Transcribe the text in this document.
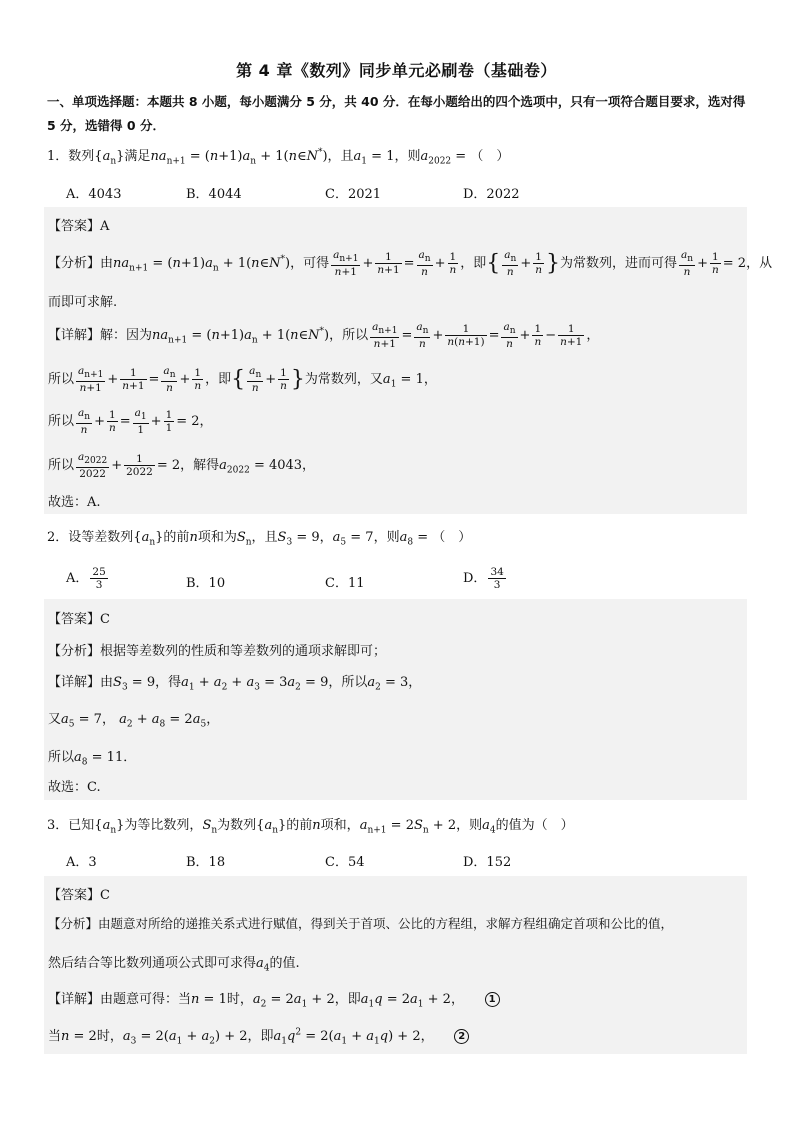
第 4 章《数列》同步单元必刷卷（基础卷）
一、单项选择题：本题共 8 小题，每小题满分 5 分，共 40 分．在每小题给出的四个选项中，只有一项符合题目要求，选对得 5 分，选错得 0 分．
1．数列$\{a_n\}$满足$na_{n+1} = (n+1)a_n$ + 1(n∈N*)，且$a_1 = 1$，则$a_{2022}$ = （　）
A．4043	B．4044	C．2021	D．2022
【答案】A
【分析】由$na_{n+1} = (n+1)a_n$ + 1(n∈N*)，可得 $\frac{a_{n+1}}{n+1} + \frac{1}{n+1} = \frac{a_n}{n} + \frac{1}{n}$ ，即{ $\frac{a_n}{n} + \frac{1}{n}$ }为常数列，进而可得 $\frac{a_n}{n} + \frac{1}{n} = 2$，从
而即可求解.
【详解】解：因为$na_{n+1} = (n+1)a_n$ + 1(n∈N*)，所以 $\frac{a_{n+1}}{n+1} = \frac{a_n}{n} + \frac{1}{n(n+1)} = \frac{a_n}{n} + \frac{1}{n} - \frac{1}{n+1}$ ，
所以 $\frac{a_{n+1}}{n+1} + \frac{1}{n+1} = \frac{a_n}{n} + \frac{1}{n}$ ，即{ $\frac{a_n}{n} + \frac{1}{n}$ }为常数列，又$a_1 = 1$，
所以 $\frac{a_n}{n} + \frac{1}{n} = \frac{a_1}{1} + \frac{1}{1} = 2$，
所以 $\frac{a_{2022}}{2022} + \frac{1}{2022} = 2$，解得$a_{2022} = 4043$，
故选：A.
2．设等差数列$\{a_n\}$的前n项和为$S_n$，且$S_3 = 9$，$a_5 = 7$，则$a_8$ = （　）
A． $\frac{25}{3}$	B．10	C．11	D． $\frac{34}{3}$
【答案】C
【分析】根据等差数列的性质和等差数列的通项求解即可；
【详解】由$S_3 = 9$，得$a_1 + a_2 + a_3 = 3a_2 = 9$，所以$a_2 = 3$，
又$a_5 = 7$， $a_2 + a_8 = 2a_5$，
所以$a_8 = 11$．
故选：C.
3．已知$\{a_n\}$为等比数列，$S_n$为数列$\{a_n\}$的前n项和，$a_{n+1} = 2S_n + 2$，则$a_4$的值为（　）
A．3	B．18	C．54	D．152
【答案】C
【分析】由题意对所给的递推关系式进行赋值，得到关于首项、公比的方程组，求解方程组确定首项和公比的值，
然后结合等比数列通项公式即可求得$a_4$的值.
【详解】由题意可得：当n = 1时，$a_2 = 2a_1 + 2$，即$a_1q = 2a_1 + 2$，     1
当n = 2时，$a_3 = 2(a_1 + a_2) + 2$，即$a_1q^2 = 2(a_1 + a_1q) + 2$，     2
